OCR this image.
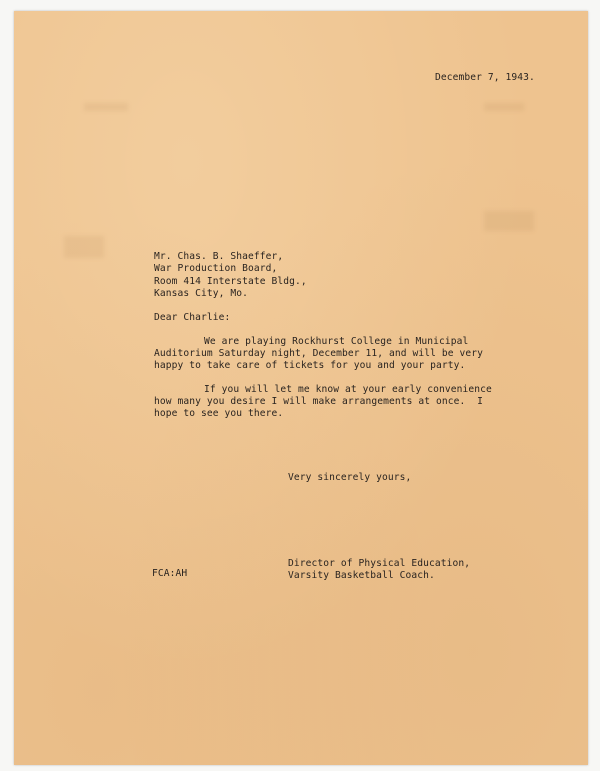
December 7, 1943.

Mr. Chas. B. Shaeffer,

War Production Board,

Room 414 Interstate Bldg.,

Kansas City, Mo.

Dear Charlie:

We are playing Rockhurst College in Municipal

Auditorium Saturday night, December 11, and will be very

happy to take care of tickets for you and your party.

If you will let me know at your early convenience

how many you desire I will make arrangements at once.  I

hope to see you there.

Very sincerely yours,

FCA:AH

Director of Physical Education,

Varsity Basketball Coach.
